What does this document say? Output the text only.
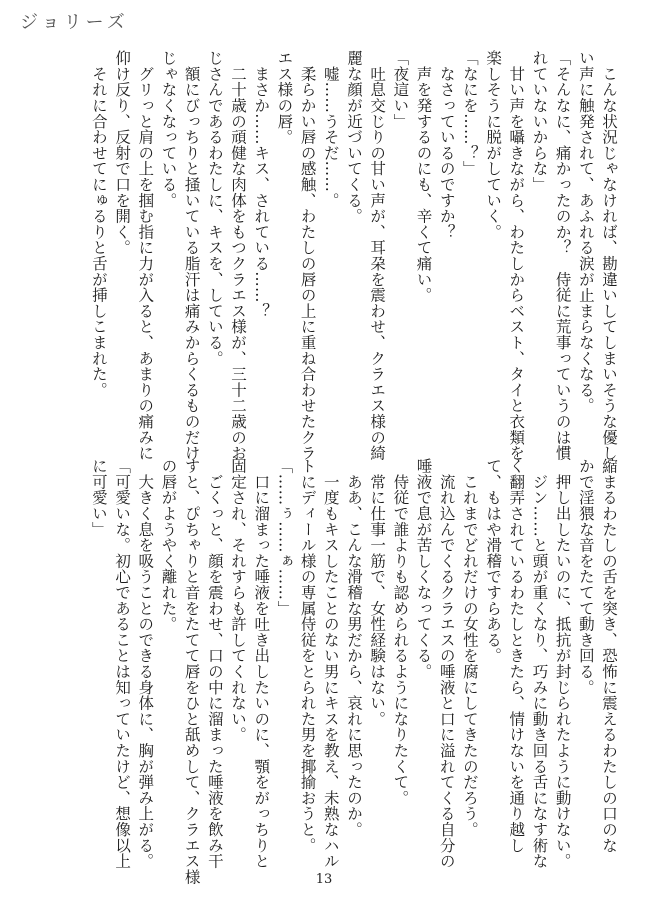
ジョリーズ
　こんな状況じゃなければ、勘違いしてしまいそうな優し
い声に触発されて、あふれる涙が止まらなくなる。
「そんなに、痛かったのか？　侍従に荒事っていうのは慣
れていないからな」
　甘い声を囁きながら、わたしからベスト、タイと衣類を
楽しそうに脱がしていく。
「なにを……？」
　なさっているのですか？
　声を発するのにも、辛くて痛い。
「夜這い」
　吐息交じりの甘い声が、耳朶を震わせ、クラエス様の綺
麗な顔が近づいてくる。
　嘘……うそだ……。
　柔らかい唇の感触、わたしの唇の上に重ね合わせたクラ
エス様の唇。
　まさか……キス、されている……？
　二十歳の頑健な肉体をもつクラエス様が、三十二歳のお
じさんであるわたしに、キスを、している。
　額にびっちりと掻いている脂汗は痛みからくるものだけ
じゃなくなっている。
　グリっと肩の上を掴む指に力が入ると、あまりの痛みに
仰け反り、反射で口を開く。
　それに合わせてにゅるりと舌が挿しこまれた。
縮まるわたしの舌を突き、恐怖に震えるわたしの口のな
かで淫猥な音をたてて動き回る。
　押し出したいのに、抵抗が封じられたように動けない。
　ジン……と頭が重くなり、巧みに動き回る舌になす術な
く翻弄されているわたしときたら、情けないを通り越し
て、もはや滑稽ですらある。
　これまでどれだけの女性を腐にしてきたのだろう。
　流れ込んでくるクラエスの唾液と口に溢れてくる自分の
唾液で息が苦しくなってくる。
　侍従で誰よりも認められるようになりたくて。
　常に仕事一筋で、女性経験はない。
　ああ、こんな滑稽な男だから、哀れに思ったのか。
　一度もキスしたことのない男にキスを教え、未熟なハル
トにディール様の専属侍従をとられた男を揶揄おうと。
「……ぅ……ぁ……」
　口に溜まった唾液を吐き出したいのに、顎をがっちりと
固定され、それすらも許してくれない。
　ごくっと、顔を震わせ、口の中に溜まった唾液を飲み干
すと、ぴちゃりと音をたてて唇をひと舐めして、クラエス様
の唇がようやく離れた。
　大きく息を吸うことのできる身体に、胸が弾み上がる。
「可愛いな。初心であることは知っていたけど、想像以上
に可愛い」
13
